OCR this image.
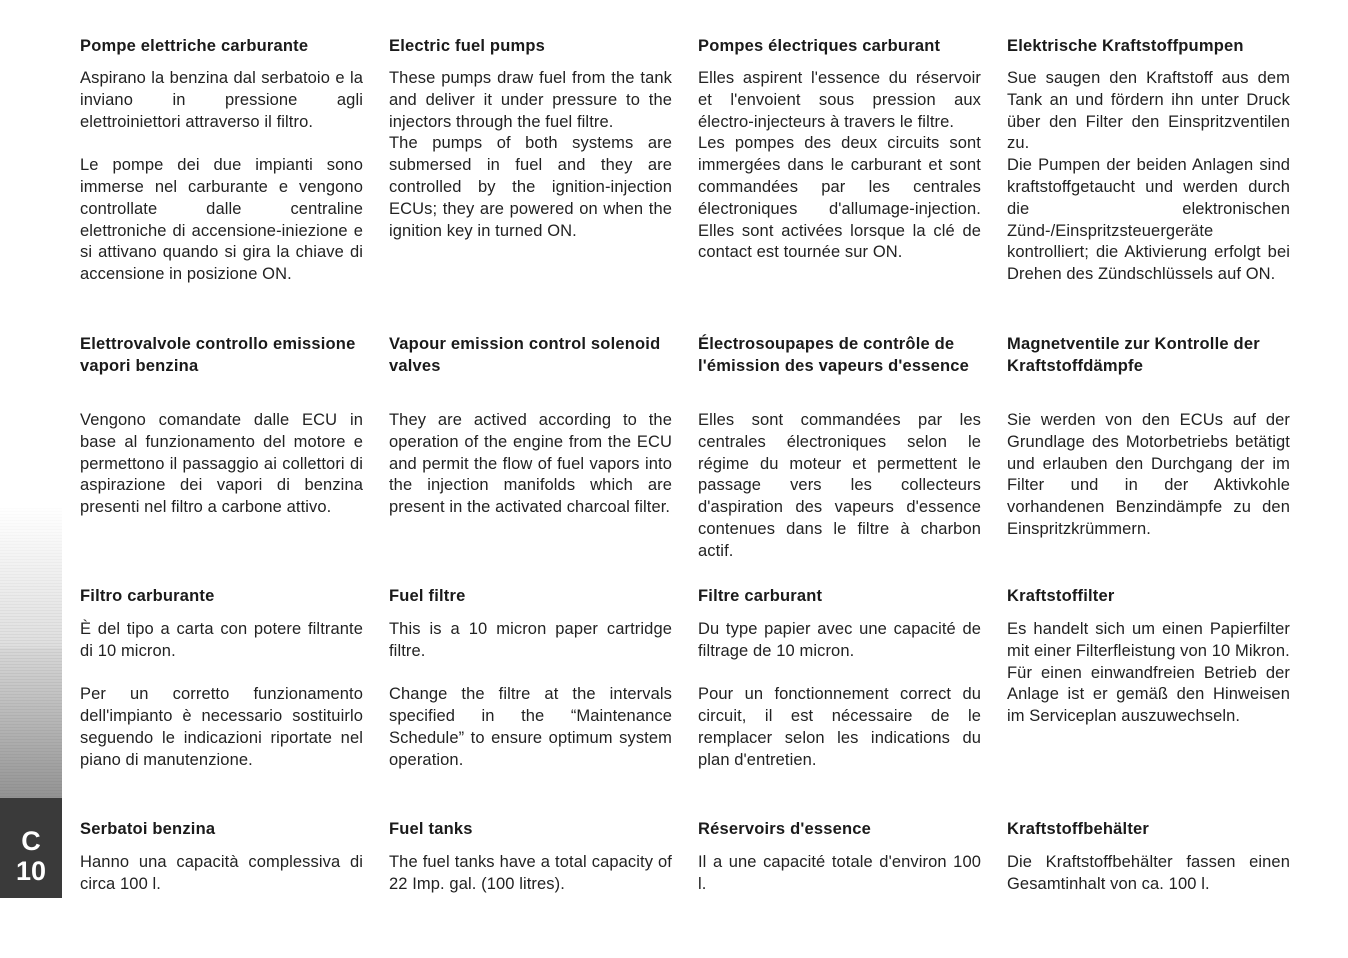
C
10
Pompe elettriche carburante

Aspirano la benzina dal serbatoio e la inviano in pressione agli elettroiniettori attraverso il filtro.

Le pompe dei due impianti sono immerse nel carburante e vengono controllate dalle centraline elettroniche di accensione-iniezione e si attivano quando si gira la chiave di accensione in posizione ON.

Elettrovalvole controllo emissione vapori benzina

Vengono comandate dalle ECU in base al funzionamento del motore e permettono il passaggio ai collettori di aspirazione dei vapori di benzina presenti nel filtro a carbone attivo.

Filtro carburante

È del tipo a carta con potere filtrante di 10 micron.

Per un corretto funzionamento dell'impianto è necessario sostituirlo seguendo le indicazioni riportate nel piano di manutenzione.

Serbatoi benzina

Hanno una capacità complessiva di circa 100 l.

Electric fuel pumps

These pumps draw fuel from the tank and deliver it under pressure to the injectors through the fuel filtre.
The pumps of both systems are submersed in fuel and they are controlled by the ignition-injection ECUs; they are powered on when the ignition key in turned ON.

Vapour emission control solenoid valves

They are actived according to the operation of the engine from the ECU and permit the flow of fuel vapors into the injection manifolds which are present in the activated charcoal filter.

Fuel filtre

This is a 10 micron paper cartridge filtre.

Change the filtre at the intervals specified in the “Maintenance Schedule” to ensure optimum system operation.

Fuel tanks

The fuel tanks have a total capacity of 22 Imp. gal. (100 litres).

Pompes électriques carburant

Elles aspirent l'essence du réservoir et l'envoient sous pression aux électro-injecteurs à travers le filtre.
Les pompes des deux circuits sont immergées dans le carburant et sont commandées par les centrales électroniques d'allumage-injection. Elles sont activées lorsque la clé de contact est tournée sur ON.

Électrosoupapes de contrôle de l'émission des vapeurs d'essence

Elles sont commandées par les centrales électroniques selon le régime du moteur et permettent le passage vers les collecteurs d'aspiration des vapeurs d'essence contenues dans le filtre à charbon actif.

Filtre carburant

Du type papier avec une capacité de filtrage de 10 micron.

Pour un fonctionnement correct du circuit, il est nécessaire de le remplacer selon les indications du plan d'entretien.

Réservoirs d'essence

Il a une capacité totale d'environ 100 l.

Elektrische Kraftstoffpumpen

Sue saugen den Kraftstoff aus dem Tank an und fördern ihn unter Druck über den Filter den Einspritzventilen zu.
Die Pumpen der beiden Anlagen sind kraftstoffgetaucht und werden durch die elektronischen Zünd-/Einspritzsteuergeräte kontrolliert; die Aktivierung erfolgt bei Drehen des Zündschlüssels auf ON.

Magnetventile zur Kontrolle der Kraftstoffdämpfe

Sie werden von den ECUs auf der Grundlage des Motorbetriebs betätigt und erlauben den Durchgang der im Filter und in der Aktivkohle vorhandenen Benzindämpfe zu den Einspritzkrümmern.

Kraftstoffilter

Es handelt sich um einen Papierfilter mit einer Filterfleistung von 10 Mikron.
Für einen einwandfreien Betrieb der Anlage ist er gemäß den Hinweisen im Serviceplan auszuwechseln.

Kraftstoffbehälter

Die Kraftstoffbehälter fassen einen Gesamtinhalt von ca. 100 l.
